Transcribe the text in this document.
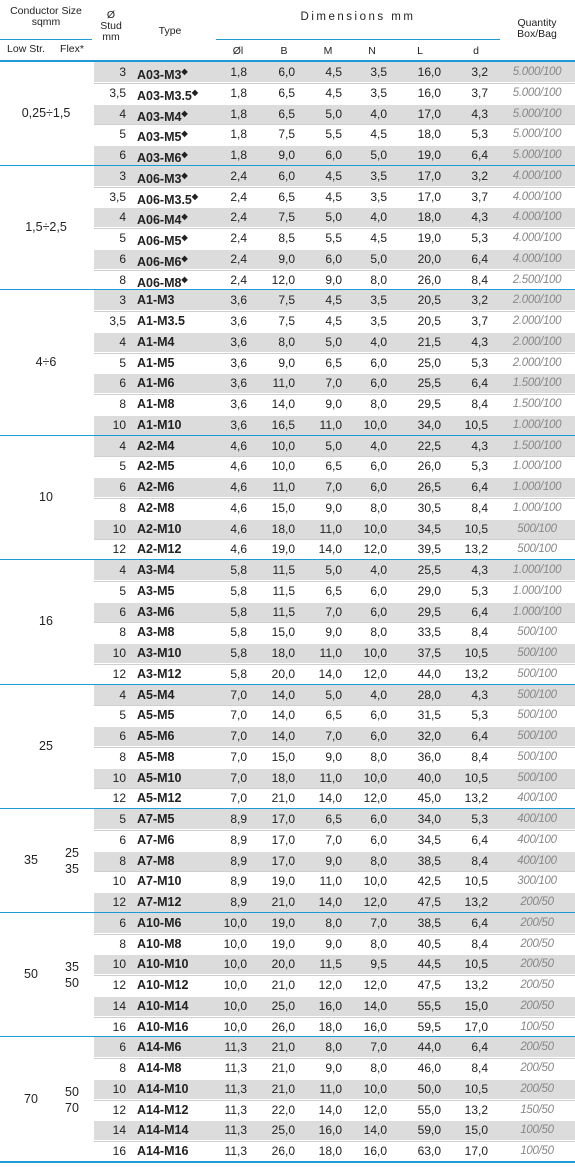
Conductor Size
sqmm
Low Str.	Flex*
Ø
Stud
mm	Type
Dimensions mm	Quantity
Box/Bag
Øl	B	M	N	L	d
3 A03-M3◆	1,8	6,0	4,5	3,5	16,0	3,2	5.000/100
3,5 A03-M3.5◆	1,8	6,5	4,5	3,5	16,0	3,7	5.000/100
4 A03-M4◆	1,8	6,5	5,0	4,0	17,0	4,3	5.000/100
5 A03-M5◆	1,8	7,5	5,5	4,5	18,0	5,3	5.000/100
6 A03-M6◆	1,8	9,0	6,0	5,0	19,0	6,4	5.000/100
0,25÷1,5
3 A06-M3◆	2,4	6,0	4,5	3,5	17,0	3,2	4.000/100
3,5 A06-M3.5◆	2,4	6,5	4,5	3,5	17,0	3,7	4.000/100
4 A06-M4◆	2,4	7,5	5,0	4,0	18,0	4,3	4.000/100
5 A06-M5◆	2,4	8,5	5,5	4,5	19,0	5,3	4.000/100
6 A06-M6◆	2,4	9,0	6,0	5,0	20,0	6,4	4.000/100
8 A06-M8◆	2,4	12,0	9,0	8,0	26,0	8,4	2.500/100
1,5÷2,5
3 A1-M3	3,6	7,5	4,5	3,5	20,5	3,2	2.000/100
3,5 A1-M3.5	3,6	7,5	4,5	3,5	20,5	3,7	2.000/100
4 A1-M4	3,6	8,0	5,0	4,0	21,5	4,3	2.000/100
5 A1-M5	3,6	9,0	6,5	6,0	25,0	5,3	2.000/100
6 A1-M6	3,6	11,0	7,0	6,0	25,5	6,4	1.500/100
8 A1-M8	3,6	14,0	9,0	8,0	29,5	8,4	1.500/100
10 A1-M10	3,6	16,5	11,0	10,0	34,0	10,5	1.000/100
4÷6
4 A2-M4	4,6	10,0	5,0	4,0	22,5	4,3	1.500/100
5 A2-M5	4,6	10,0	6,5	6,0	26,0	5,3	1.000/100
6 A2-M6	4,6	11,0	7,0	6,0	26,5	6,4	1.000/100
8 A2-M8	4,6	15,0	9,0	8,0	30,5	8,4	1.000/100
10 A2-M10	4,6	18,0	11,0	10,0	34,5	10,5	500/100
12 A2-M12	4,6	19,0	14,0	12,0	39,5	13,2	500/100
10
4 A3-M4	5,8	11,5	5,0	4,0	25,5	4,3	1.000/100
5 A3-M5	5,8	11,5	6,5	6,0	29,0	5,3	1.000/100
6 A3-M6	5,8	11,5	7,0	6,0	29,5	6,4	1.000/100
8 A3-M8	5,8	15,0	9,0	8,0	33,5	8,4	500/100
10 A3-M10	5,8	18,0	11,0	10,0	37,5	10,5	500/100
12 A3-M12	5,8	20,0	14,0	12,0	44,0	13,2	500/100
16
4 A5-M4	7,0	14,0	5,0	4,0	28,0	4,3	500/100
5 A5-M5	7,0	14,0	6,5	6,0	31,5	5,3	500/100
6 A5-M6	7,0	14,0	7,0	6,0	32,0	6,4	500/100
8 A5-M8	7,0	15,0	9,0	8,0	36,0	8,4	500/100
10 A5-M10	7,0	18,0	11,0	10,0	40,0	10,5	500/100
12 A5-M12	7,0	21,0	14,0	12,0	45,0	13,2	400/100
25
5 A7-M5	8,9	17,0	6,5	6,0	34,0	5,3	400/100
6 A7-M6	8,9	17,0	7,0	6,0	34,5	6,4	400/100
8 A7-M8	8,9	17,0	9,0	8,0	38,5	8,4	400/100
10 A7-M10	8,9	19,0	11,0	10,0	42,5	10,5	300/100
12 A7-M12	8,9	21,0	14,0	12,0	47,5	13,2	200/50
35	25
35
6 A10-M6	10,0	19,0	8,0	7,0	38,5	6,4	200/50
8 A10-M8	10,0	19,0	9,0	8,0	40,5	8,4	200/50
10 A10-M10	10,0	20,0	11,5	9,5	44,5	10,5	200/50
12 A10-M12	10,0	21,0	12,0	12,0	47,5	13,2	200/50
14 A10-M14	10,0	25,0	16,0	14,0	55,5	15,0	200/50
16 A10-M16	10,0	26,0	18,0	16,0	59,5	17,0	100/50
50	35
50
6 A14-M6	11,3	21,0	8,0	7,0	44,0	6,4	200/50
8 A14-M8	11,3	21,0	9,0	8,0	46,0	8,4	200/50
10 A14-M10	11,3	21,0	11,0	10,0	50,0	10,5	200/50
12 A14-M12	11,3	22,0	14,0	12,0	55,0	13,2	150/50
14 A14-M14	11,3	25,0	16,0	14,0	59,0	15,0	100/50
16 A14-M16	11,3	26,0	18,0	16,0	63,0	17,0	100/50
70	50
70
